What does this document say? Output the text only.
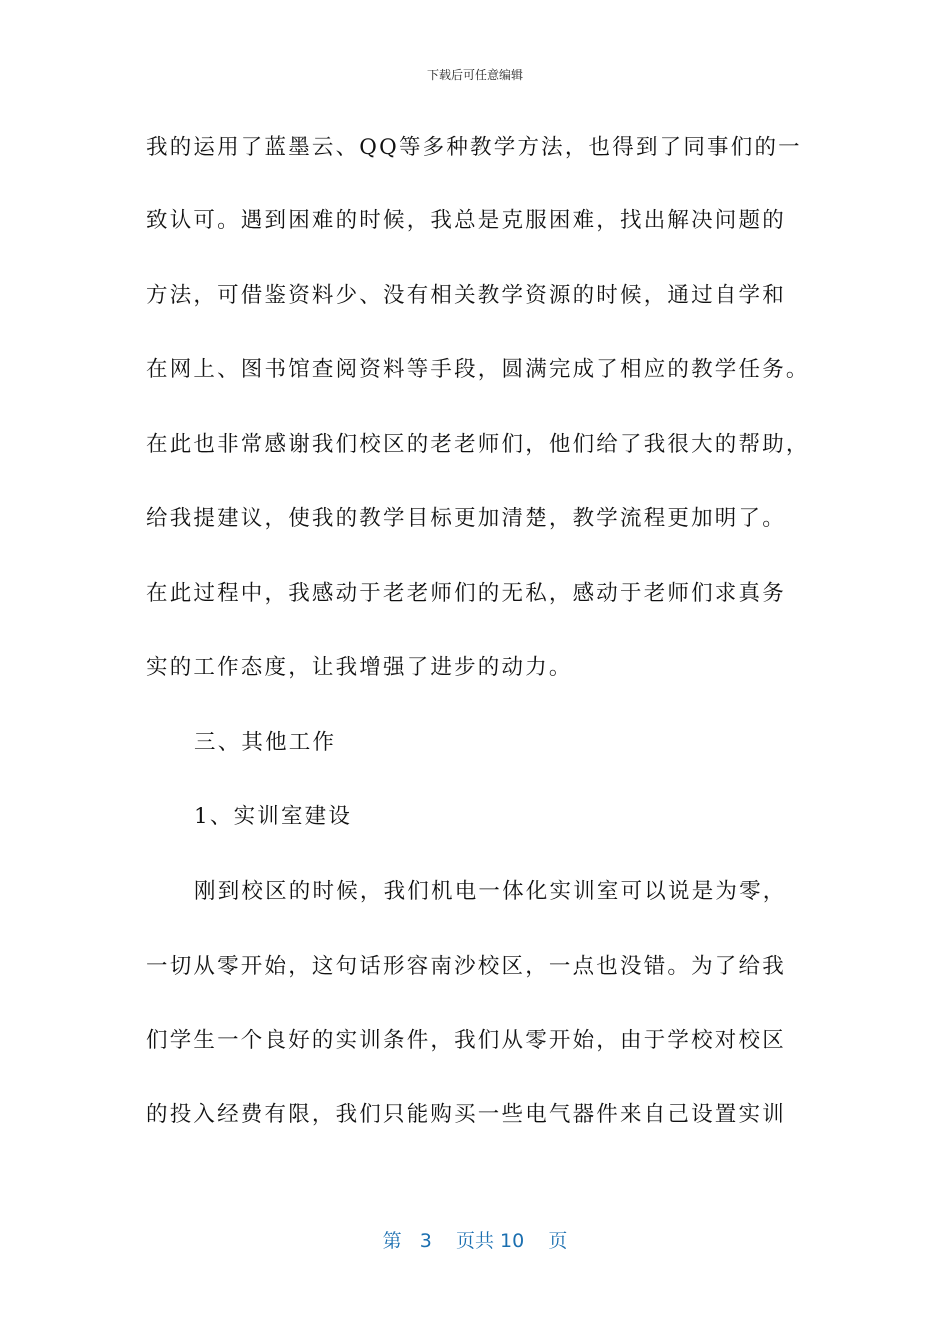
下载后可任意编辑
我的运用了蓝墨云、QQ等多种教学方法，也得到了同事们的一
致认可。遇到困难的时候，我总是克服困难，找出解决问题的
方法，可借鉴资料少、没有相关教学资源的时候，通过自学和
在网上、图书馆查阅资料等手段，圆满完成了相应的教学任务。
在此也非常感谢我们校区的老老师们，他们给了我很大的帮助，
给我提建议，使我的教学目标更加清楚，教学流程更加明了。
在此过程中，我感动于老老师们的无私，感动于老师们求真务
实的工作态度，让我增强了进步的动力。
三、其他工作
1、实训室建设
刚到校区的时候，我们机电一体化实训室可以说是为零，
一切从零开始，这句话形容南沙校区，一点也没错。为了给我
们学生一个良好的实训条件，我们从零开始，由于学校对校区
的投入经费有限，我们只能购买一些电气器件来自己设置实训
第 3 页共 10 页
